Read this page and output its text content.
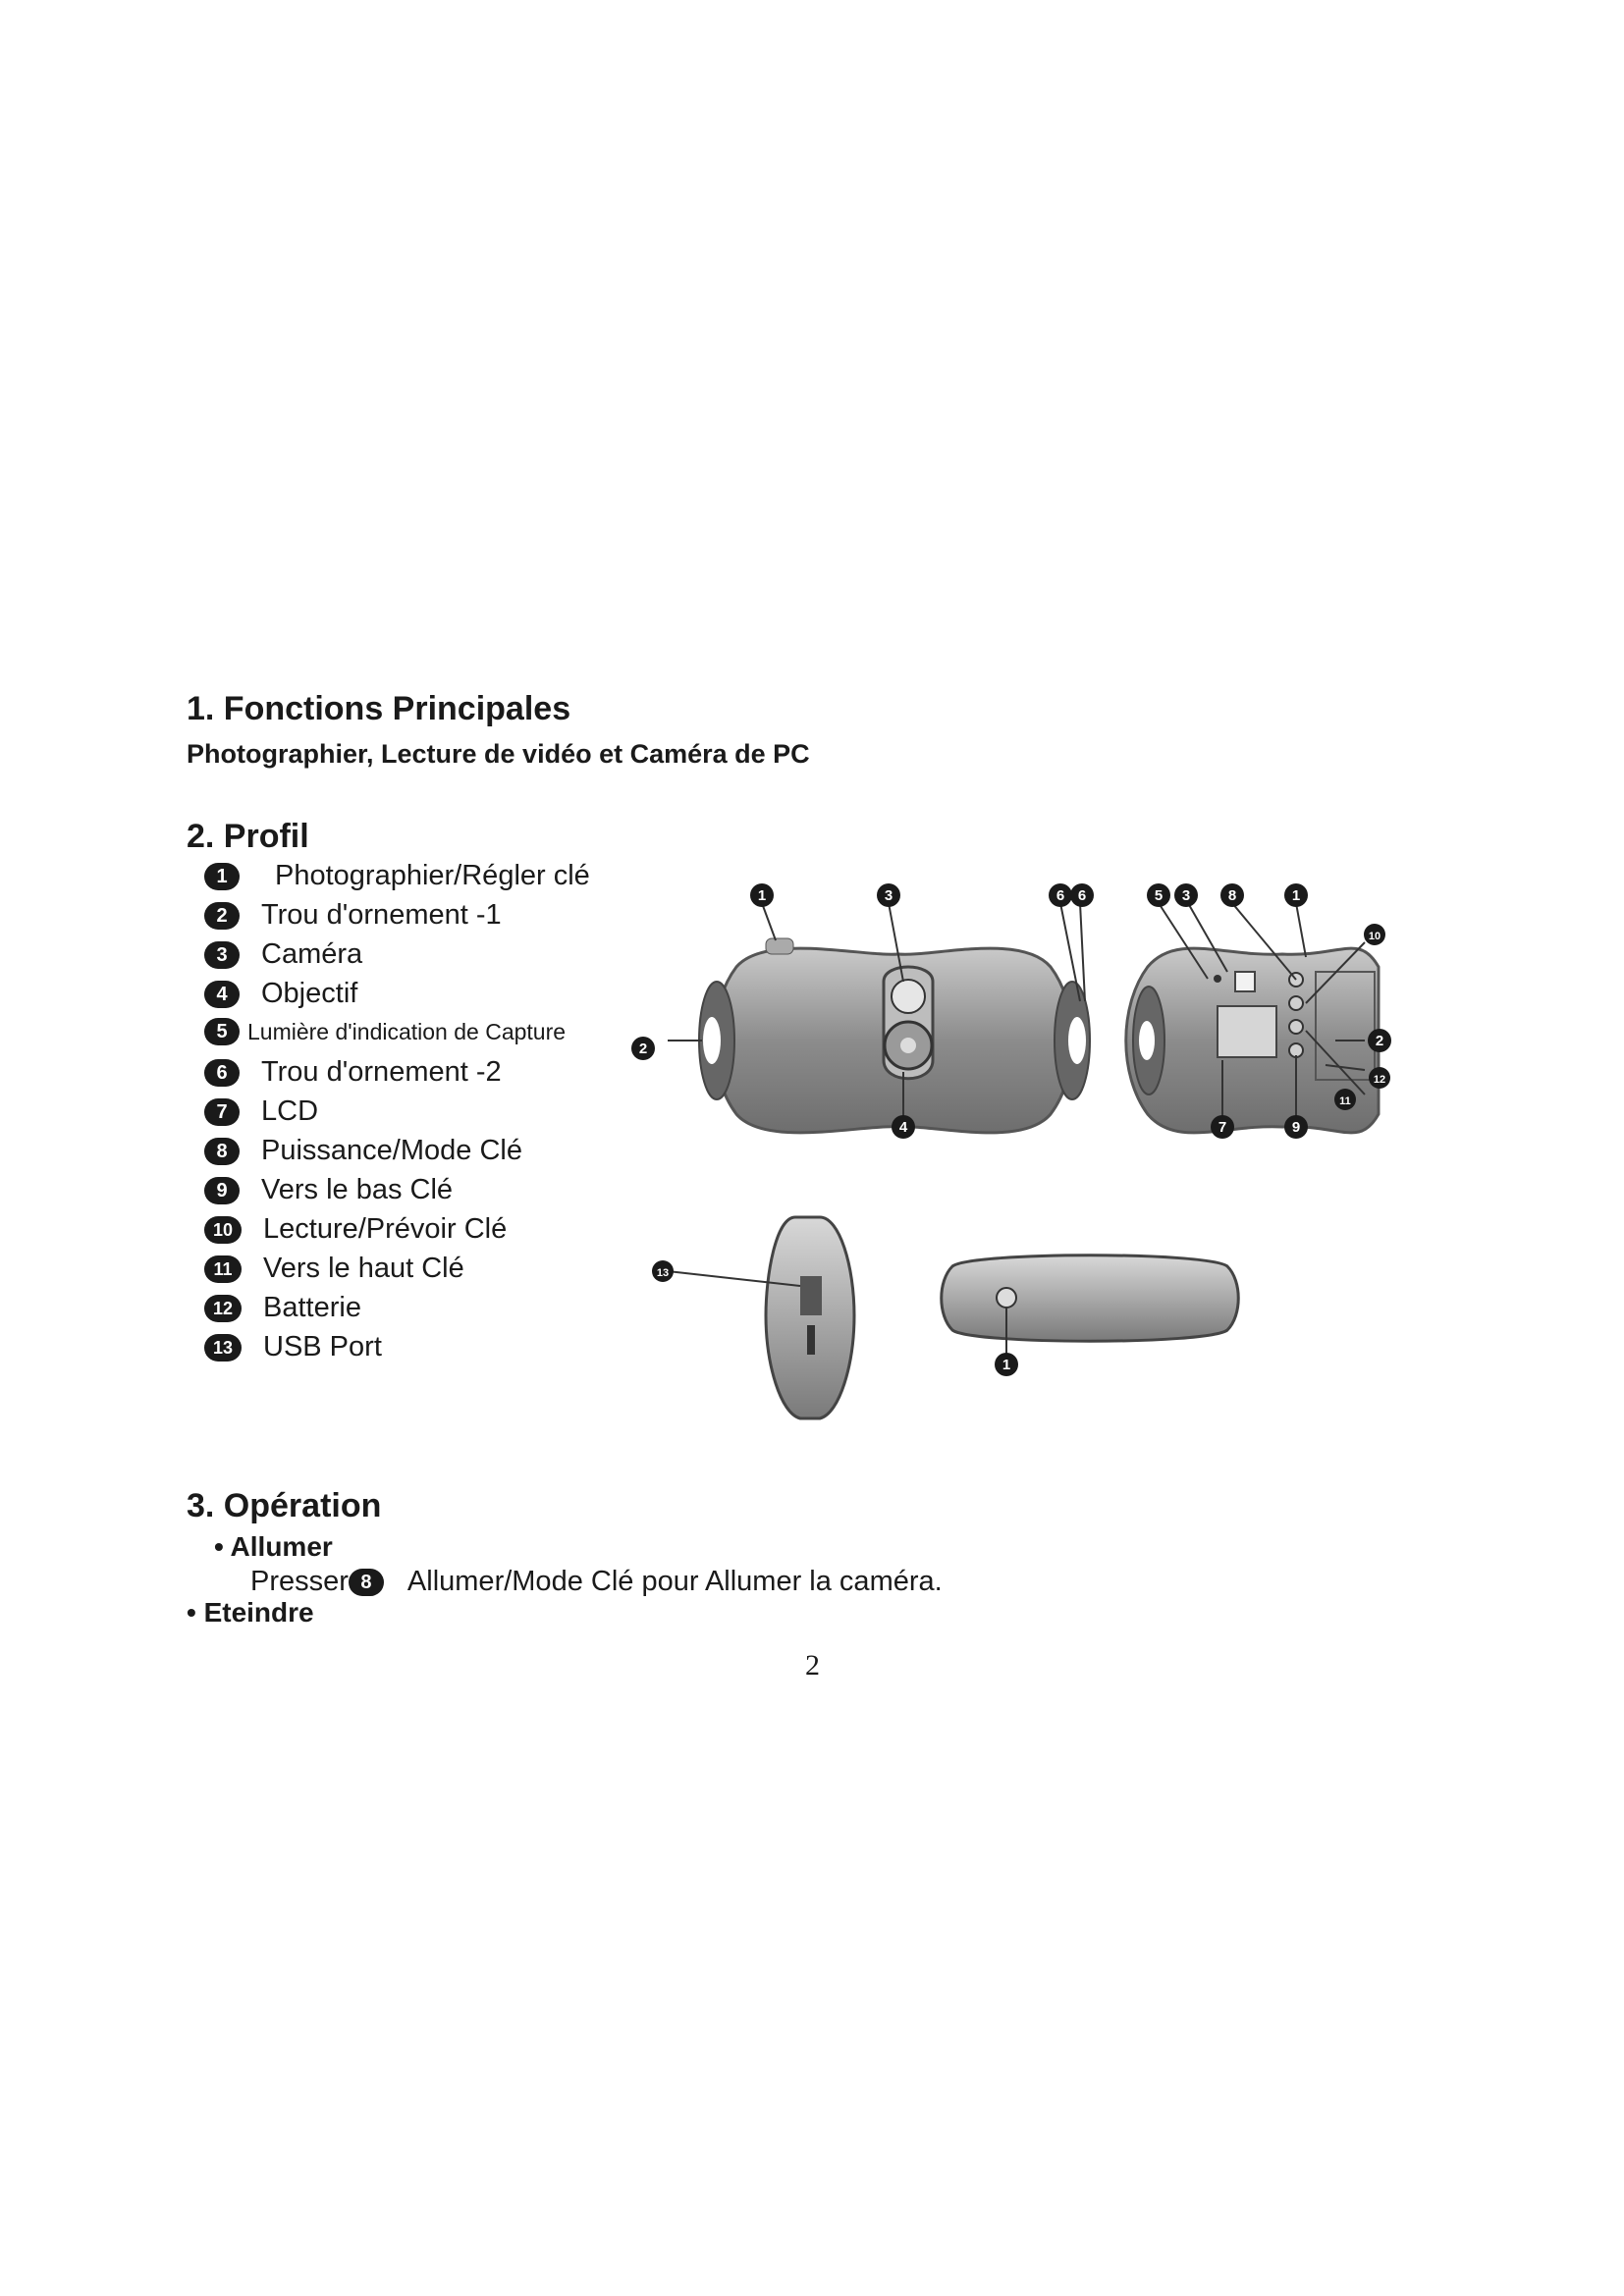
1. Fonctions Principales
Photographier, Lecture de vidéo et Caméra de PC
2. Profil
1	Photographier/Régler clé
2	Trou d'ornement -1
3	Caméra
4	Objectif
5 Lumière d'indication de Capture
6	Trou d'ornement -2
7	LCD
8	Puissance/Mode Clé
9	Vers le bas Clé
10	Lecture/Prévoir Clé
11	Vers le haut Clé
12	Batterie
13	USB Port
1	3	6 6	5 3	8	1
10
2	2
12
11
4	7	9
13
1
3. Opération
• Allumer
Presser 8	Allumer/Mode Clé pour Allumer la caméra.
• Eteindre
2
